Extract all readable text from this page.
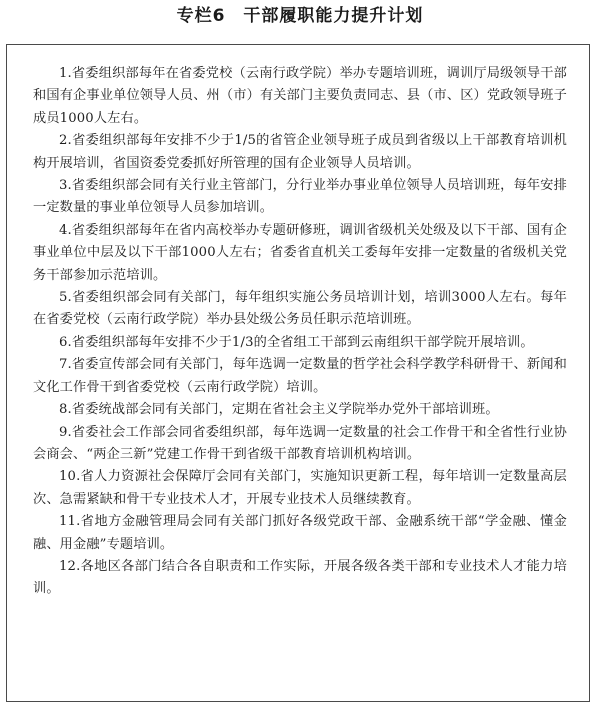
专栏6　干部履职能力提升计划

1.省委组织部每年在省委党校（云南行政学院）举办专题培训班，调训厅局级领导干部和国有企事业单位领导人员、州（市）有关部门主要负责同志、县（市、区）党政领导班子成员1000人左右。

2.省委组织部每年安排不少于1/5的省管企业领导班子成员到省级以上干部教育培训机构开展培训，省国资委党委抓好所管理的国有企业领导人员培训。

3.省委组织部会同有关行业主管部门，分行业举办事业单位领导人员培训班，每年安排一定数量的事业单位领导人员参加培训。

4.省委组织部每年在省内高校举办专题研修班，调训省级机关处级及以下干部、国有企事业单位中层及以下干部1000人左右；省委省直机关工委每年安排一定数量的省级机关党务干部参加示范培训。

5.省委组织部会同有关部门，每年组织实施公务员培训计划，培训3000人左右。每年在省委党校（云南行政学院）举办县处级公务员任职示范培训班。

6.省委组织部每年安排不少于1/3的全省组工干部到云南组织干部学院开展培训。

7.省委宣传部会同有关部门，每年选调一定数量的哲学社会科学教学科研骨干、新闻和文化工作骨干到省委党校（云南行政学院）培训。

8.省委统战部会同有关部门，定期在省社会主义学院举办党外干部培训班。

9.省委社会工作部会同省委组织部，每年选调一定数量的社会工作骨干和全省性行业协会商会、“两企三新”党建工作骨干到省级干部教育培训机构培训。

10.省人力资源社会保障厅会同有关部门，实施知识更新工程，每年培训一定数量高层次、急需紧缺和骨干专业技术人才，开展专业技术人员继续教育。

11.省地方金融管理局会同有关部门抓好各级党政干部、金融系统干部“学金融、懂金融、用金融”专题培训。

12.各地区各部门结合各自职责和工作实际，开展各级各类干部和专业技术人才能力培训。
